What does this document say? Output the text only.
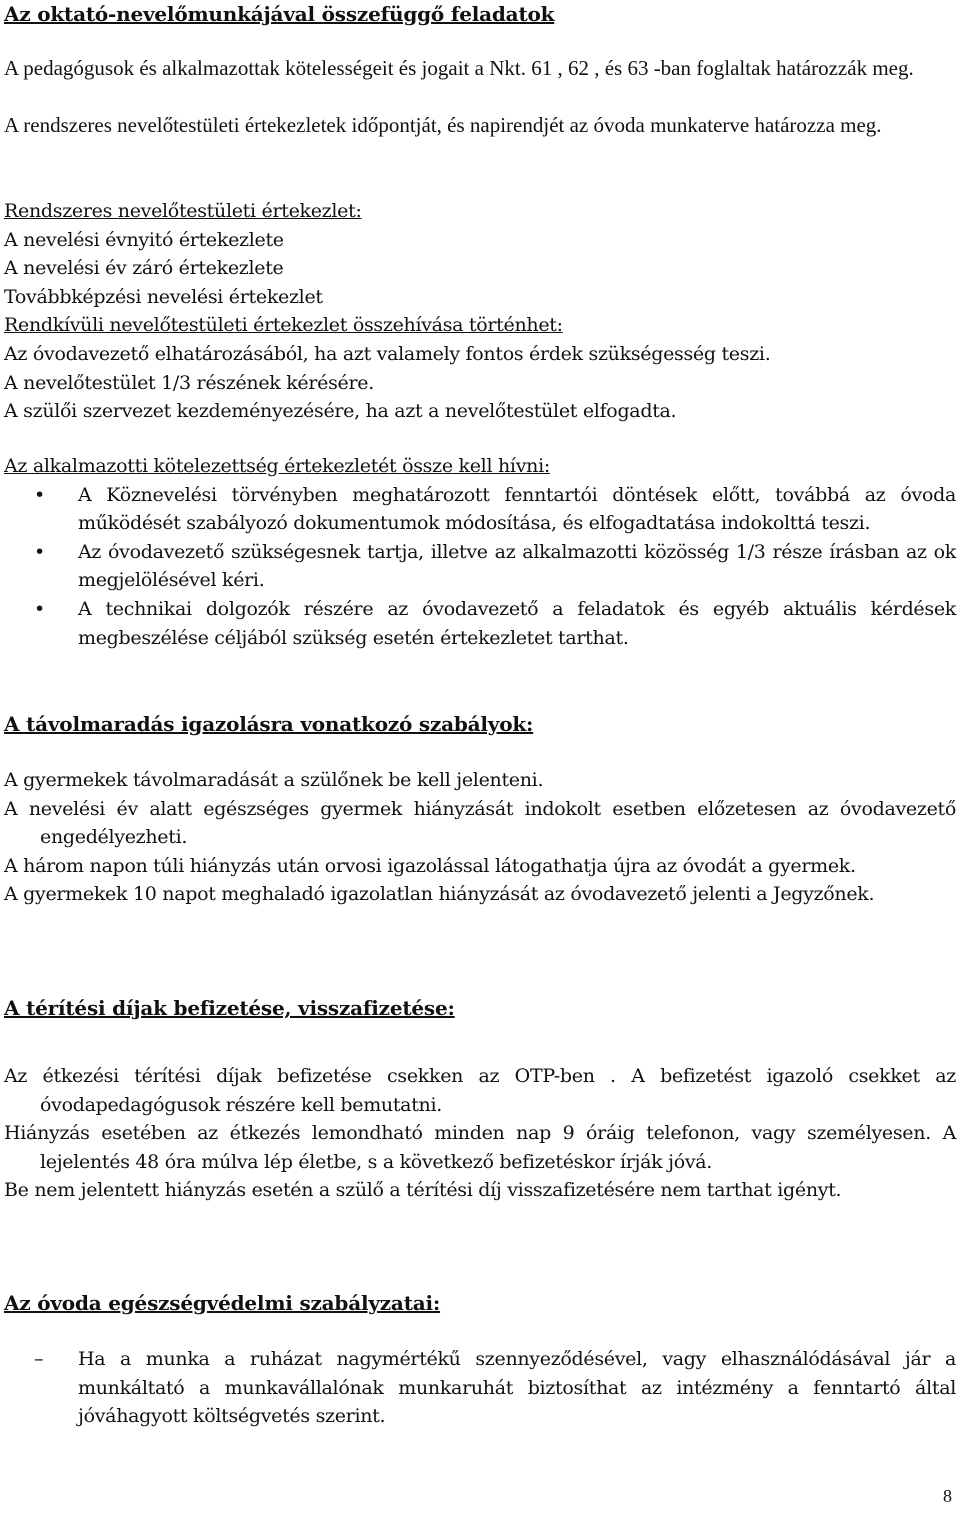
Az oktató-nevelőmunkájával összefüggő feladatok

A pedagógusok és alkalmazottak kötelességeit és jogait a Nkt. 61 , 62 , és 63 -ban foglaltak határozzák meg.

A rendszeres nevelőtestületi értekezletek időpontját, és napirendjét az óvoda munkaterve határozza meg.

Rendszeres nevelőtestületi értekezlet:

A nevelési évnyitó értekezlete

A nevelési év záró értekezlete

Továbbképzési nevelési értekezlet

Rendkívüli nevelőtestületi értekezlet összehívása történhet:

Az óvodavezető elhatározásából, ha azt valamely fontos érdek szükségesség teszi.

A nevelőtestület 1/3 részének kérésére.

A szülői szervezet kezdeményezésére, ha azt a nevelőtestület elfogadta.

Az alkalmazotti kötelezettség értekezletét össze kell hívni:

• A Köznevelési törvényben meghatározott fenntartói döntések előtt, továbbá az óvoda működését szabályozó dokumentumok módosítása, és elfogadtatása indokolttá teszi.
• Az óvodavezető szükségesnek tartja, illetve az alkalmazotti közösség 1/3 része írásban az ok megjelölésével kéri.
• A technikai dolgozók részére az óvodavezető a feladatok és egyéb aktuális kérdések megbeszélése céljából szükség esetén értekezletet tarthat.
A távolmaradás igazolásra vonatkozó szabályok:

A gyermekek távolmaradását a szülőnek be kell jelenteni.

A nevelési év alatt egészséges gyermek hiányzását indokolt esetben előzetesen az óvodavezető engedélyezheti.

A három napon túli hiányzás után orvosi igazolással látogathatja újra az óvodát a gyermek.

A gyermekek 10 napot meghaladó igazolatlan hiányzását az óvodavezető jelenti a Jegyzőnek.

A térítési díjak befizetése, visszafizetése:

Az étkezési térítési díjak befizetése csekken az OTP-ben . A befizetést igazoló csekket az óvodapedagógusok részére kell bemutatni.

Hiányzás esetében az étkezés lemondható minden nap 9 óráig telefonon, vagy személyesen. A lejelentés 48 óra múlva lép életbe, s a következő befizetéskor írják jóvá.

Be nem jelentett hiányzás esetén a szülő a térítési díj visszafizetésére nem tarthat igényt.

Az óvoda egészségvédelmi szabályzatai:
– Ha a munka a ruházat nagymértékű szennyeződésével, vagy elhasználódásával jár a munkáltató a munkavállalónak munkaruhát biztosíthat az intézmény a fenntartó által jóváhagyott költségvetés szerint.
8
